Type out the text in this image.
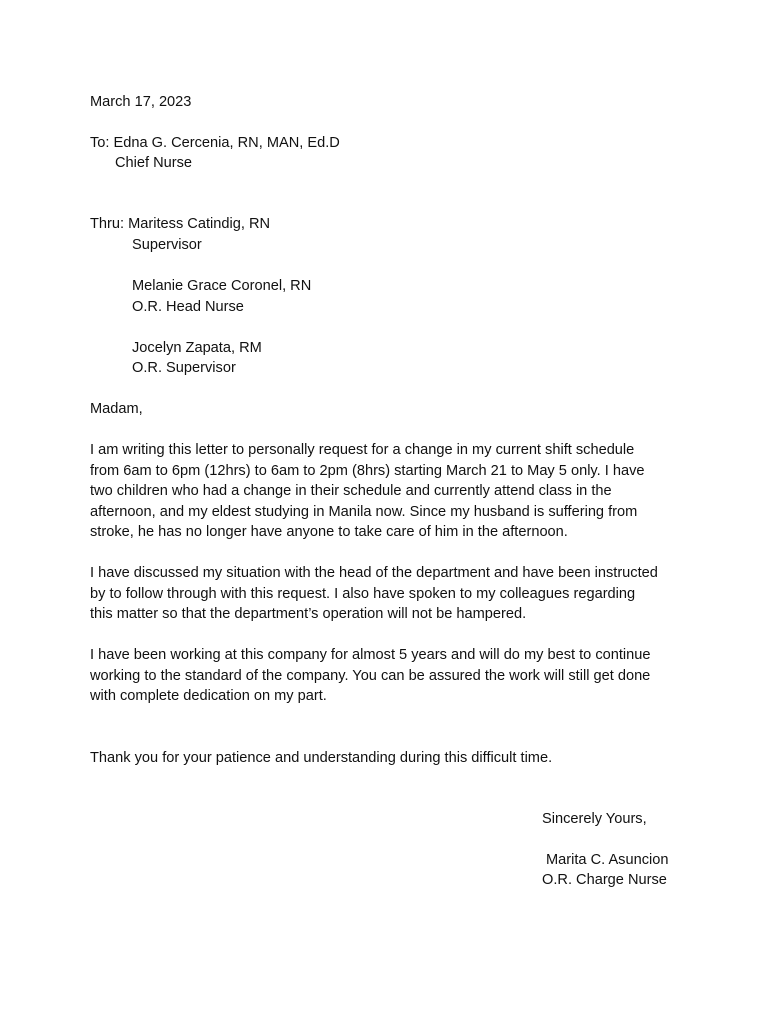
March 17, 2023

To: Edna G. Cercenia, RN, MAN, Ed.D

Chief Nurse

Thru: Maritess Catindig, RN

Supervisor

Melanie Grace Coronel, RN

O.R. Head Nurse

Jocelyn Zapata, RM

O.R. Supervisor

Madam,

I am writing this letter to personally request for a change in my current shift schedule
from 6am to 6pm (12hrs) to 6am to 2pm (8hrs) starting March 21 to May 5 only. I have
two children who had a change in their schedule and currently attend class in the
afternoon, and my eldest studying in Manila now. Since my husband is suffering from
stroke, he has no longer have anyone to take care of him in the afternoon.
I have discussed my situation with the head of the department and have been instructed
by to follow through with this request. I also have spoken to my colleagues regarding
this matter so that the department’s operation will not be hampered.
I have been working at this company for almost 5 years and will do my best to continue
working to the standard of the company. You can be assured the work will still get done
with complete dedication on my part.

Thank you for your patience and understanding during this difficult time.

Sincerely Yours,

Marita C. Asuncion

O.R. Charge Nurse
